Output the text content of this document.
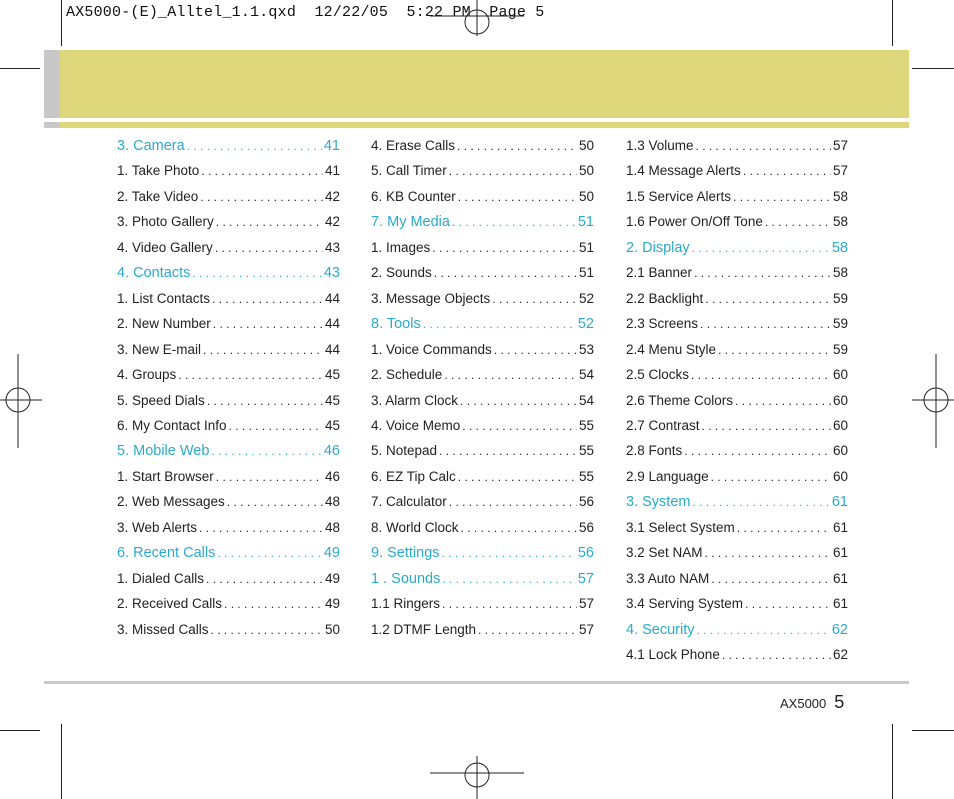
AX5000-(E)_Alltel_1.1.qxd  12/22/05  5:22 PM  Page 5
3. Camera . . .	41
1. Take Photo . . .	41
2. Take Video . . .	42
3. Photo Gallery . . .	42
4. Video Gallery . . .	43
4. Contacts . . .	43
1. List Contacts . . .	44
2. New Number . . .	44
3. New E-mail . . .	44
4. Groups . . .	45
5. Speed Dials . . .	45
6. My Contact Info . . .	45
5. Mobile Web . . .	46
1. Start Browser . . .	46
2. Web Messages . . .	48
3. Web Alerts . . .	48
6. Recent Calls . . .	49
1. Dialed Calls . . .	49
2. Received Calls . . .	49
3. Missed Calls . . .	50
4. Erase Calls . . .	50
5. Call Timer . . .	50
6. KB Counter . . .	50
7. My Media . . .	51
1. Images . . .	51
2. Sounds . . .	51
3. Message Objects . . .	52
8. Tools . . .	52
1. Voice Commands . . .	53
2. Schedule . . .	54
3. Alarm Clock . . .	54
4. Voice Memo . . .	55
5. Notepad . . .	55
6. EZ Tip Calc . . .	55
7. Calculator . . .	56
8. World Clock . . .	56
9. Settings . . .	56
1 . Sounds . . .	57
1.1 Ringers . . .	57
1.2 DTMF Length . . .	57
1.3 Volume . . .	57
1.4 Message Alerts . . .	57
1.5 Service Alerts . . .	58
1.6 Power On/Off Tone . . .	58
2. Display . . .	58
2.1 Banner . . .	58
2.2 Backlight . . .	59
2.3 Screens . . .	59
2.4 Menu Style . . .	59
2.5 Clocks . . .	60
2.6 Theme Colors . . .	60
2.7 Contrast . . .	60
2.8 Fonts . . .	60
2.9 Language . . .	60
3. System . . .	61
3.1 Select System . . .	61
3.2 Set NAM . . .	61
3.3 Auto NAM . . .	61
3.4 Serving System . . .	61
4. Security . . .	62
4.1 Lock Phone . . .	62
AX5000 5
